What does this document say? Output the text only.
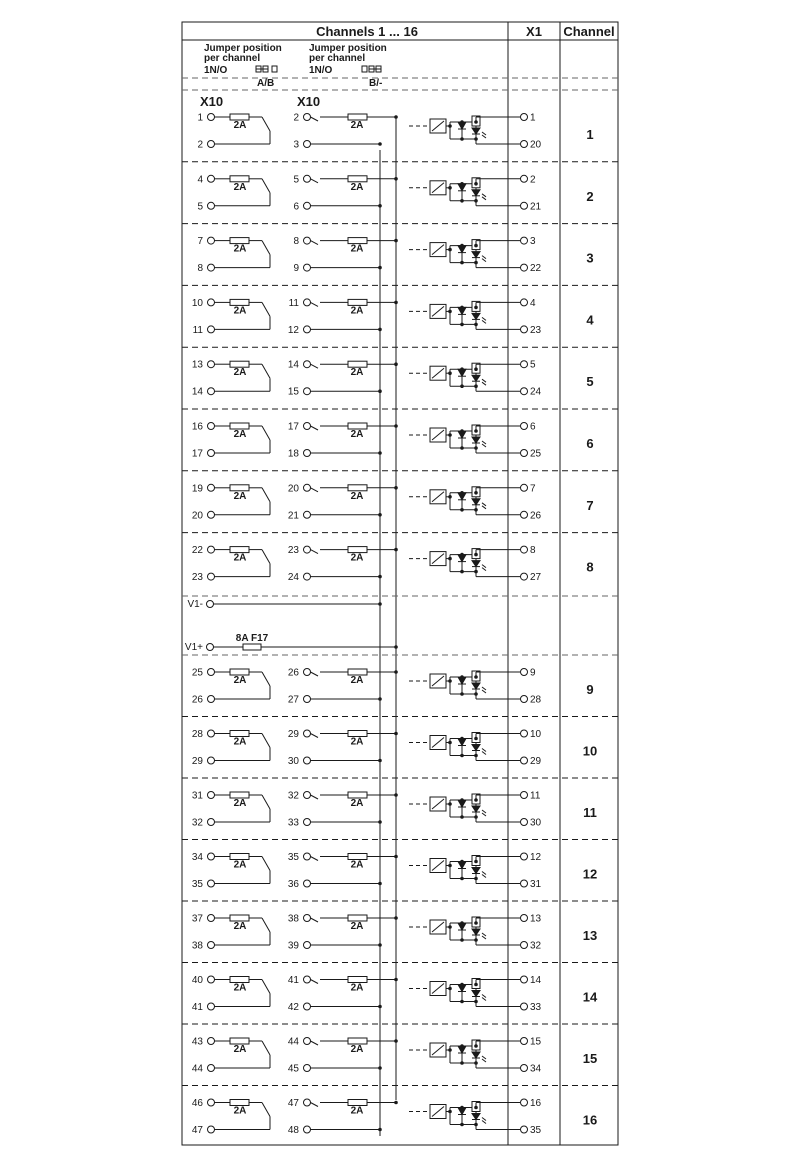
Channels 1 ... 16	X1 Channel
Jumper position
per channel
1N/O
A/B
Jumper position
per channel
1N/O
B/-
X10	X10
V1-
V1+
8A F17
1
2A
2
2
2A
3
1
20
1
4
2A
5
5
2A
6
2
21
2
7
2A
8
8
2A
9
3
22
3
10
2A
11
11
2A
12
4
23
4
13
2A
14
14
2A
15
5
24
5
16
2A
17
17
2A
18
6
25
6
19
2A
20
20
2A
21
7
26
7
22
2A
23
23
2A
24
8
27
8
25
2A
26
26
2A
27
9
28
9
28
2A
29
29
2A
30
10
29
10
31
2A
32
32
2A
33
11
30
11
34
2A
35
35
2A
36
12
31
12
37
2A
38
38
2A
39
13
32
13
40
2A
41
41
2A
42
14
33
14
43
2A
44
44
2A
45
15
34
15
46
2A
47
47
2A
48
16
35
16
